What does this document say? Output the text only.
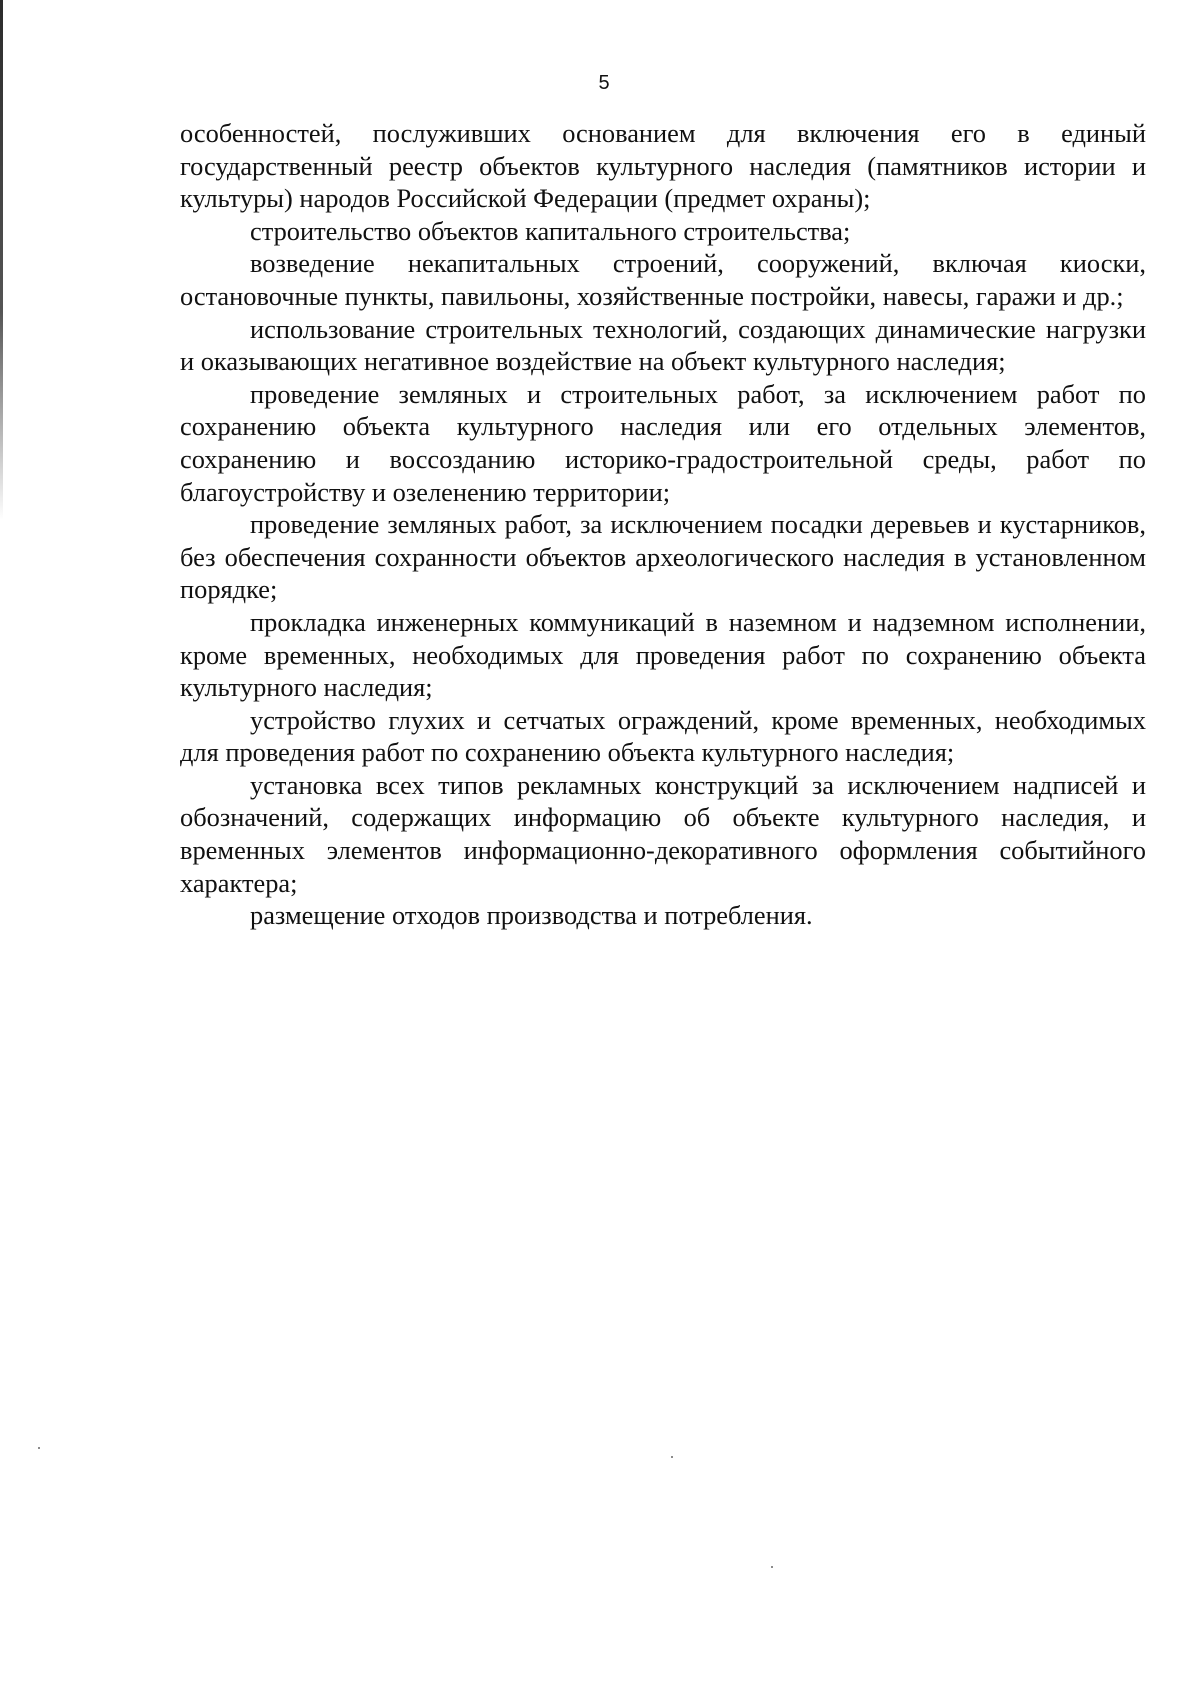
5

особенностей, послуживших основанием для включения его в единый государственный реестр объектов культурного наследия (памятников истории и культуры) народов Российской Федерации (предмет охраны);

строительство объектов капитального строительства;

возведение некапитальных строений, сооружений, включая киоски, остановочные пункты, павильоны, хозяйственные постройки, навесы, гаражи и др.;

использование строительных технологий, создающих динамические нагрузки и оказывающих негативное воздействие на объект культурного наследия;

проведение земляных и строительных работ, за исключением работ по сохранению объекта культурного наследия или его отдельных элементов, сохранению и воссозданию историко-градостроительной среды, работ по благоустройству и озеленению территории;

проведение земляных работ, за исключением посадки деревьев и кустарников, без обеспечения сохранности объектов археологического наследия в установленном порядке;

прокладка инженерных коммуникаций в наземном и надземном исполнении, кроме временных, необходимых для проведения работ по сохранению объекта культурного наследия;

устройство глухих и сетчатых ограждений, кроме временных, необходимых для проведения работ по сохранению объекта культурного наследия;

установка всех типов рекламных конструкций за исключением надписей и обозначений, содержащих информацию об объекте культурного наследия, и временных элементов информационно-декоративного оформления событийного характера;

размещение отходов производства и потребления.
